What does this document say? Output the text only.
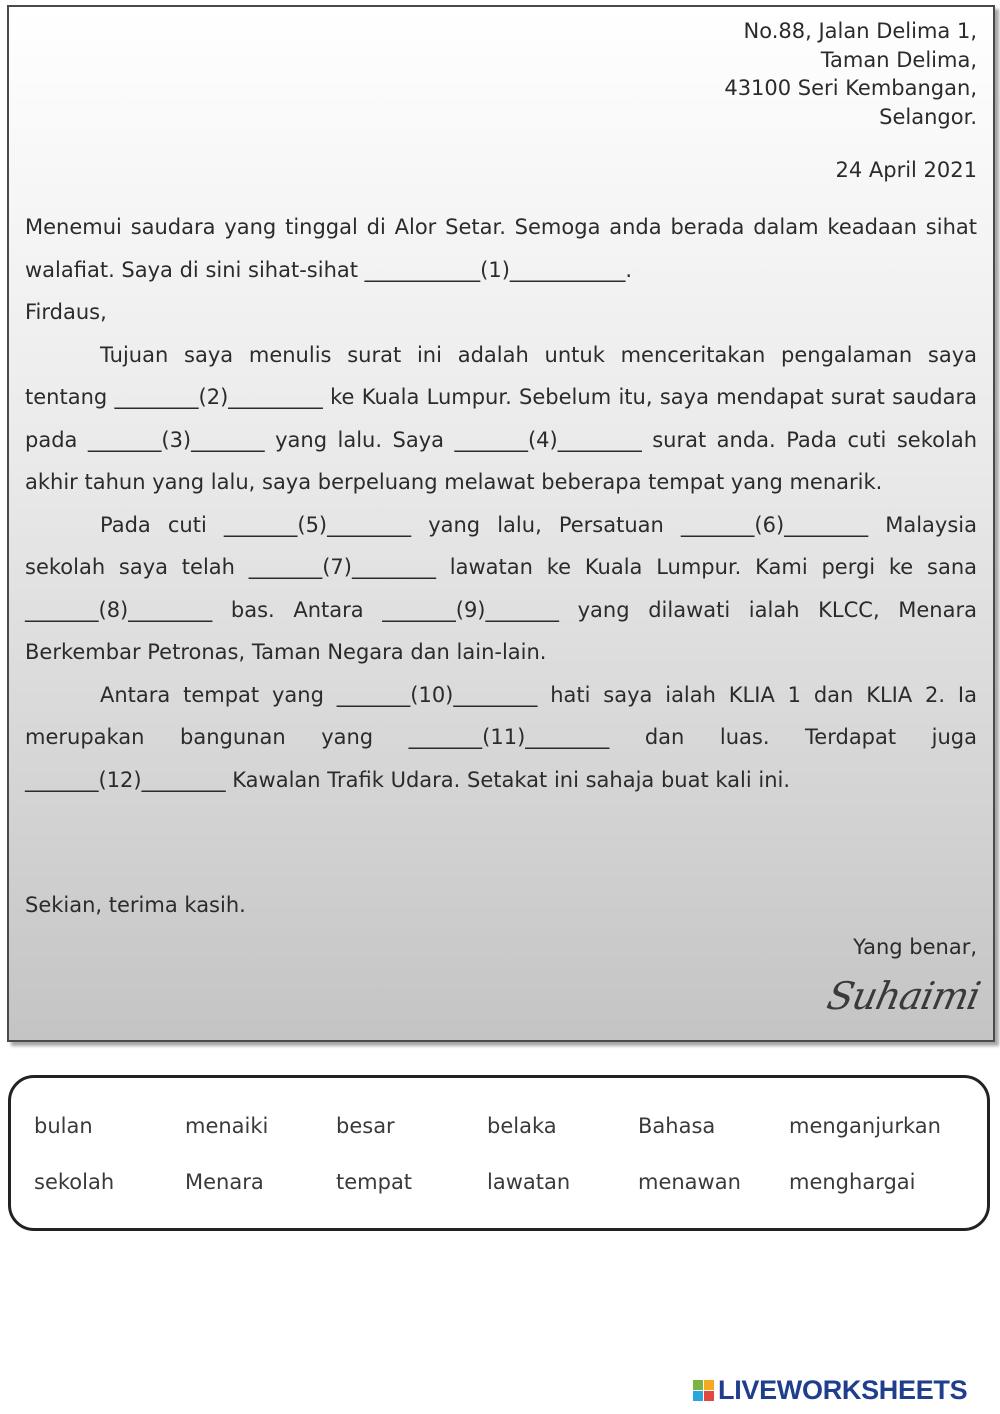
No.88, Jalan Delima 1,
Taman Delima,
43100 Seri Kembangan,
Selangor.
24 April 2021

Menemui saudara yang tinggal di Alor Setar. Semoga anda berada dalam keadaan sihat walafiat. Saya di sini sihat-sihat ___________(1)___________.

Firdaus,

Tujuan saya menulis surat ini adalah untuk menceritakan pengalaman saya tentang ________(2)_________ ke Kuala Lumpur. Sebelum itu, saya mendapat surat saudara pada _______(3)_______ yang lalu. Saya _______(4)________ surat anda. Pada cuti sekolah akhir tahun yang lalu, saya berpeluang melawat beberapa tempat yang menarik.

Pada cuti _______(5)________ yang lalu, Persatuan _______(6)________ Malaysia sekolah saya telah _______(7)________ lawatan ke Kuala Lumpur. Kami pergi ke sana _______(8)________ bas. Antara _______(9)_______ yang dilawati ialah KLCC, Menara Berkembar Petronas, Taman Negara dan lain-lain.

Antara tempat yang _______(10)________ hati saya ialah KLIA 1 dan KLIA 2. Ia merupakan bangunan yang _______(11)________ dan luas. Terdapat juga _______(12)________ Kawalan Trafik Udara. Setakat ini sahaja buat kali ini.

Sekian, terima kasih.
Yang benar,
Suhaimi
bulan	menaiki	besar	belaka	Bahasa	menganjurkan
sekolah	Menara	tempat	lawatan	menawan	menghargai
LIVEWORKSHEETS
